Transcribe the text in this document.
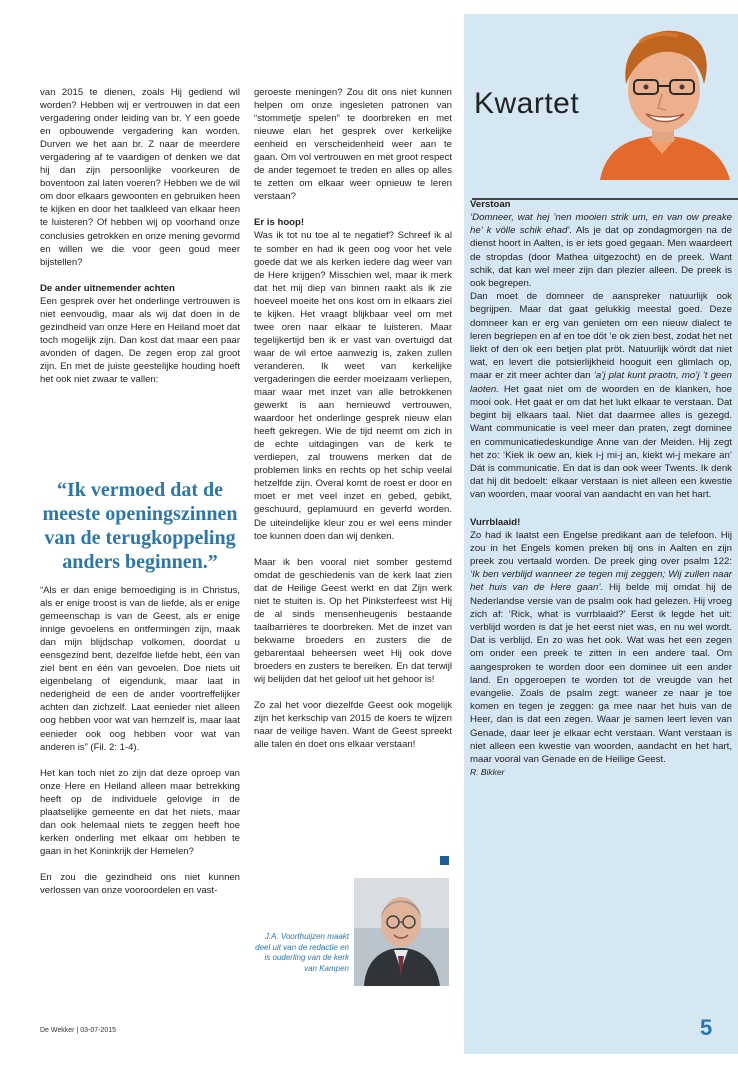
van 2015 te dienen, zoals Hij gediend wil worden? Hebben wij er vertrouwen in dat een vergadering onder leiding van br. Y een goede en opbouwende vergadering kan worden. Durven we het aan br. Z naar de meerdere vergadering af te vaardigen of denken we dat hij dan zijn persoonlijke voorkeuren de boventoon zal laten voeren? Hebben we de wil om door elkaars gewoonten en gebruiken heen te kijken en door het taalkleed van elkaar heen te luisteren? Of hebben wij op voorhand onze conclusies getrokken en onze mening gevormd en willen we die voor geen goud meer bijstellen?

De ander uitnemender achten

Een gesprek over het onderlinge vertrouwen is niet eenvoudig, maar als wij dat doen in de gezindheid van onze Here en Heiland moet dat toch mogelijk zijn. Dan kost dat maar een paar avonden of dagen. De zegen erop zal groot zijn. En met de juiste geestelijke houding hoeft het ook niet zwaar te vallen:

“Ik vermoed dat de meeste openingszinnen van de terugkoppeling anders beginnen.”

“Als er dan enige bemoediging is in Christus, als er enige troost is van de liefde, als er enige gemeenschap is van de Geest, als er enige innige gevoelens en ontfermingen zijn, maak dan mijn blijdschap volkomen, doordat u eensgezind bent, dezelfde liefde hebt, één van ziel bent en één van gevoelen. Doe niets uit eigenbelang of eigendunk, maar laat in nederigheid de een de ander voortreffelijker achten dan zichzelf. Laat eenieder niet alleen oog hebben voor wat van hemzelf is, maar laat eenieder ook oog hebben voor wat van anderen is” (Fil. 2: 1-4).

Het kan toch niet zo zijn dat deze oproep van onze Here en Heiland alleen maar betrekking heeft op de individuele gelovige in de plaatselijke gemeente en dat het niets, maar dan ook helemaal niets te zeggen heeft hoe kerken onderling met elkaar om hebben te gaan in het Koninkrijk der Hemelen?

En zou die gezindheid ons niet kunnen verlossen van onze vooroordelen en vast-

geroeste meningen? Zou dit ons niet kunnen helpen om onze ingesleten patronen van “stommetje spelen” te doorbreken en met nieuwe elan het gesprek over kerkelijke eenheid en verscheidenheid weer aan te gaan. Om vol vertrouwen en met groot respect de ander tegemoet te treden en alles op alles te zetten om elkaar weer opnieuw te leren verstaan?

Er is hoop!

Was ik tot nu toe al te negatief? Schreef ik al te somber en had ik geen oog voor het vele goede dat we als kerken iedere dag weer van de Here krijgen? Misschien wel, maar ik merk dat het mij diep van binnen raakt als ik zie hoeveel moeite het ons kost om in elkaars ziel te kijken. Het vraagt blijkbaar veel om met twee oren naar elkaar te luisteren. Maar tegelijkertijd ben ik er vast van overtuigd dat waar de wil ertoe aanwezig is, zaken zullen veranderen. Ik weet van kerkelijke vergaderingen die eerder moeizaam verliepen, maar waar met inzet van alle betrokkenen gewerkt is aan hernieuwd vertrouwen, waardoor het onderlinge gesprek nieuw elan heeft gekregen. Wie de tijd neemt om zich in de echte uitdagingen van de kerk te verdiepen, zal trouwens merken dat de problemen links en rechts op het schip veelal hetzelfde zijn. Overal komt de roest er door en moet er met veel inzet en gebed, gebikt, geschuurd, geplamuurd en geverfd worden. De uiteindelijke kleur zou er wel eens minder toe kunnen doen dan wij denken.

Maar ik ben vooral niet somber gestemd omdat de geschiedenis van de kerk laat zien dat de Heilige Geest werkt en dat Zijn werk niet te stuiten is. Op het Pinksterfeest wist Hij de al sinds mensenheugenis bestaande taalbarrières te doorbreken. Met de inzet van bekwame broeders en zusters die de gebarentaal beheersen weet Hij ook dove broeders en zusters te bereiken. En dat terwijl wij belijden dat het geloof uit het gehoor is!

Zo zal het voor diezelfde Geest ook mogelijk zijn het kerkschip van 2015 de koers te wijzen naar de veilige haven. Want de Geest spreekt alle talen én doet ons elkaar verstaan!

J.A. Voorthuijzen maakt deel uit van de redactie en is ouderling van de kerk van Kampen
Kwartet
Verstoan

‘Domneer, wat hej ’nen mooien strik um, en van ow preake he’ k völle schik ehad’. Als je dat op zondagmorgen na de dienst hoort in Aalten, is er iets goed gegaan. Men waardeert de stropdas (door Mathea uitgezocht) en de preek. Want schik, dat kan wel meer zijn dan plezier alleen. De preek is ook begrepen.

Dan moet de domneer de aanspreker natuurlijk ook begrijpen. Maar dat gaat gelukkig meestal goed. Deze domneer kan er erg van genieten om een nieuw dialect te leren begriepen en af en toe döt ’e ok zien best, zodat het net liekt of den ok een betjen plat pröt. Natuurlijk wördt dat niet wat, en levert die potsierlijkheid hooguit een glimlach op, maar er zit meer achter dan ‘a’j plat kunt praotn, mo’j ’t geen laoten. Het gaat niet om de woorden en de klanken, hoe mooi ook. Het gaat er om dat het lukt elkaar te verstaan. Dat begint bij elkaars taal. Niet dat daarmee alles is gezegd. Want communicatie is veel meer dan praten, zegt dominee en communicatiedeskundige Anne van der Meiden. Hij zegt het zo: ‘Kiek ik oew an, kiek i-j mi-j an, kiekt wi-j mekare an’ Dát is communicatie. En dat is dan ook weer Twents. Ik denk dat hij dit bedoelt: elkaar verstaan is niet alleen een kwestie van woorden, maar vooral van aandacht en van het hart.

Vurrblaaid!

Zo had ik laatst een Engelse predikant aan de telefoon. Hij zou in het Engels komen preken bij ons in Aalten en zijn preek zou vertaald worden. De preek ging over psalm 122: ‘Ik ben verblijd wanneer ze tegen mij zeggen; Wij zullen naar het huis van de Here gaan’. Hij belde mij omdat hij de Nederlandse versie van de psalm ook had gelezen. Hij vroeg zich af: ‘Rick, what is vurrblaaid?’ Eerst ik legde het uit: verblijd worden is dat je het eerst niet was, en nu wel wordt. Dat is verblijd. En zo was het ook. Wat was het een zegen om onder een preek te zitten in een andere taal. Om aangesproken te worden door een dominee uit een ander land. En opgeroepen te worden tot de vreugde van het evangelie. Zoals de psalm zegt: waneer ze naar je toe komen en tegen je zeggen: ga mee naar het huis van de Heer, dan is dat een zegen. Waar je samen leert leven van Genade, daar leer je elkaar echt verstaan. Want verstaan is niet alleen een kwestie van woorden, aandacht en het hart, maar vooral van Genade en de Heilige Geest.

R. Bikker

De Wekker | 03-07-2015	5
